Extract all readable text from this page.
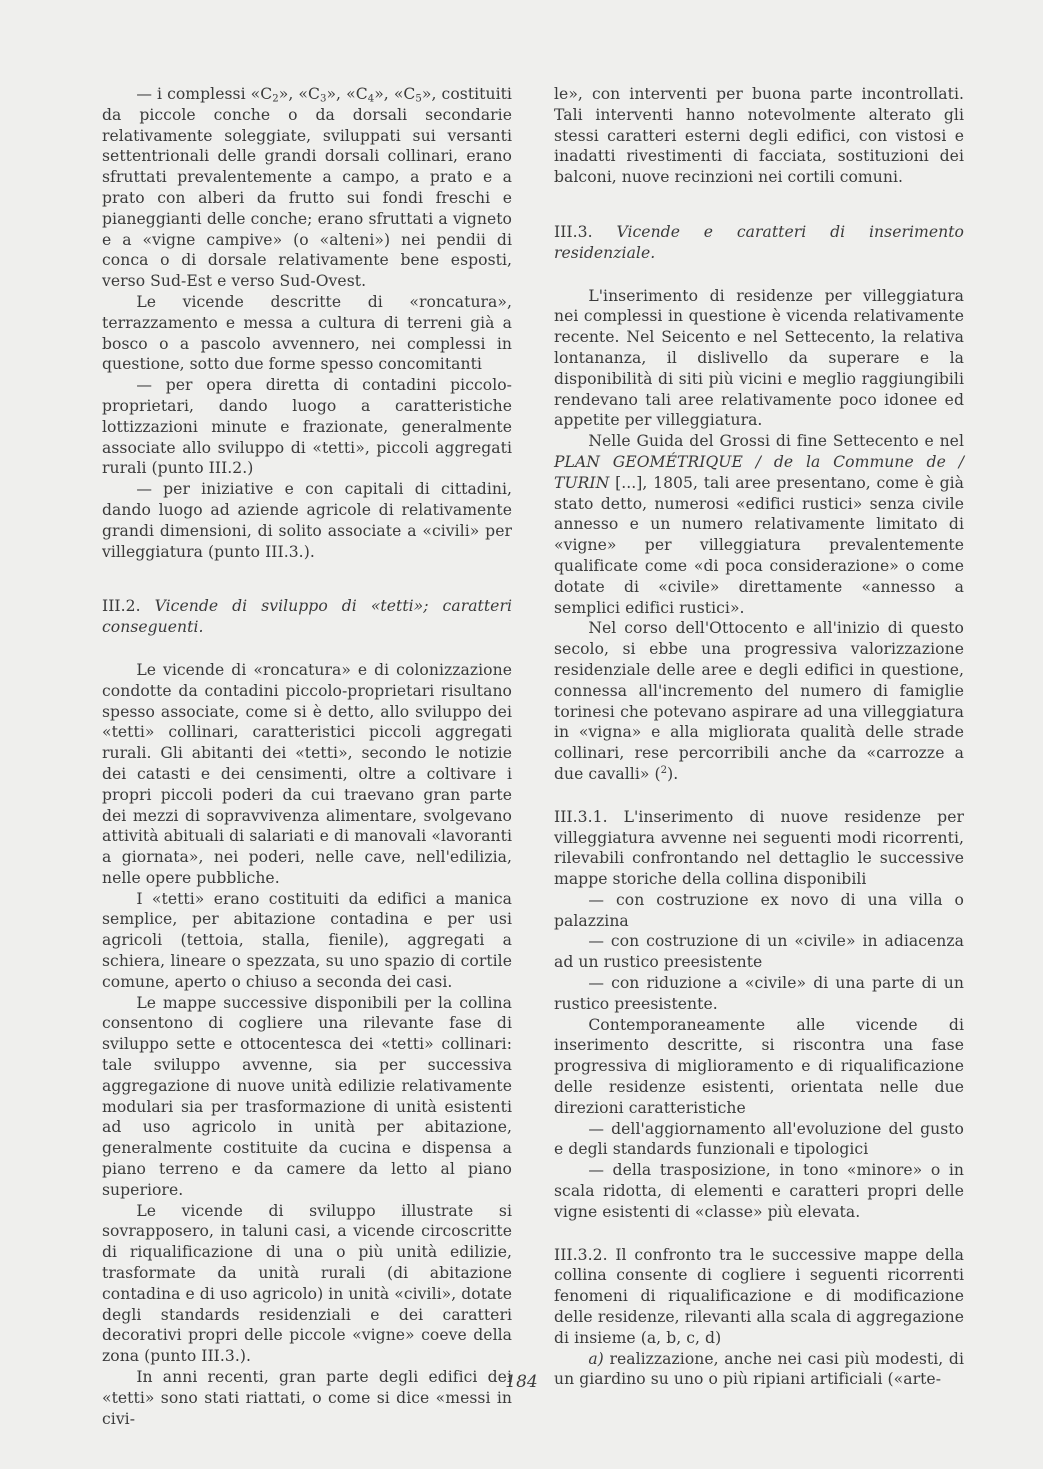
— i complessi «$C_2$», «$C_3$», «$C_4$», «$C_5$», costituiti da piccole conche o da dorsali secondarie relativamente soleggiate, sviluppati sui versanti settentrionali delle grandi dorsali collinari, erano sfruttati prevalentemente a campo, a prato e a prato con alberi da frutto sui fondi freschi e pianeggianti delle conche; erano sfruttati a vigneto e a «vigne campive» (o «alteni») nei pendii di conca o di dorsale relativamente bene esposti, verso Sud-Est e verso Sud-Ovest.

Le vicende descritte di «roncatura», terrazzamento e messa a cultura di terreni già a bosco o a pascolo avvennero, nei complessi in questione, sotto due forme spesso concomitanti

— per opera diretta di contadini piccolo-proprietari, dando luogo a caratteristiche lottizzazioni minute e frazionate, generalmente associate allo sviluppo di «tetti», piccoli aggregati rurali (punto III.2.)

— per iniziative e con capitali di cittadini, dando luogo ad aziende agricole di relativamente grandi dimensioni, di solito associate a «civili» per villeggiatura (punto III.3.).

III.2. Vicende di sviluppo di «tetti»; caratteri conseguenti.

Le vicende di «roncatura» e di colonizzazione condotte da contadini piccolo-proprietari risultano spesso associate, come si è detto, allo sviluppo dei «tetti» collinari, caratteristici piccoli aggregati rurali. Gli abitanti dei «tetti», secondo le notizie dei catasti e dei censimenti, oltre a coltivare i propri piccoli poderi da cui traevano gran parte dei mezzi di sopravvivenza alimentare, svolgevano attività abituali di salariati e di manovali «lavoranti a giornata», nei poderi, nelle cave, nell'edilizia, nelle opere pubbliche.

I «tetti» erano costituiti da edifici a manica semplice, per abitazione contadina e per usi agricoli (tettoia, stalla, fienile), aggregati a schiera, lineare o spezzata, su uno spazio di cortile comune, aperto o chiuso a seconda dei casi.

Le mappe successive disponibili per la collina consentono di cogliere una rilevante fase di sviluppo sette e ottocentesca dei «tetti» collinari: tale sviluppo avvenne, sia per successiva aggregazione di nuove unità edilizie relativamente modulari sia per trasformazione di unità esistenti ad uso agricolo in unità per abitazione, generalmente costituite da cucina e dispensa a piano terreno e da camere da letto al piano superiore.

Le vicende di sviluppo illustrate si sovrapposero, in taluni casi, a vicende circoscritte di riqualificazione di una o più unità edilizie, trasformate da unità rurali (di abitazione contadina e di uso agricolo) in unità «civili», dotate degli standards residenziali e dei caratteri decorativi propri delle piccole «vigne» coeve della zona (punto III.3.).

In anni recenti, gran parte degli edifici dei «tetti» sono stati riattati, o come si dice «messi in civi-

le», con interventi per buona parte incontrollati. Tali interventi hanno notevolmente alterato gli stessi caratteri esterni degli edifici, con vistosi e inadatti rivestimenti di facciata, sostituzioni dei balconi, nuove recinzioni nei cortili comuni.

III.3. Vicende e caratteri di inserimento residenziale.

L'inserimento di residenze per villeggiatura nei complessi in questione è vicenda relativamente recente. Nel Seicento e nel Settecento, la relativa lontananza, il dislivello da superare e la disponibilità di siti più vicini e meglio raggiungibili rendevano tali aree relativamente poco idonee ed appetite per villeggiatura.

Nelle Guida del Grossi di fine Settecento e nel PLAN GEOMÉTRIQUE / de la Commune de / TURIN [...], 1805, tali aree presentano, come è già stato detto, numerosi «edifici rustici» senza civile annesso e un numero relativamente limitato di «vigne» per villeggiatura prevalentemente qualificate come «di poca considerazione» o come dotate di «civile» direttamente «annesso a semplici edifici rustici».

Nel corso dell'Ottocento e all'inizio di questo secolo, si ebbe una progressiva valorizzazione residenziale delle aree e degli edifici in questione, connessa all'incremento del numero di famiglie torinesi che potevano aspirare ad una villeggiatura in «vigna» e alla migliorata qualità delle strade collinari, rese percorribili anche da «carrozze a due cavalli» ($^2$).

III.3.1. L'inserimento di nuove residenze per villeggiatura avvenne nei seguenti modi ricorrenti, rilevabili confrontando nel dettaglio le successive mappe storiche della collina disponibili

— con costruzione ex novo di una villa o palazzina

— con costruzione di un «civile» in adiacenza ad un rustico preesistente

— con riduzione a «civile» di una parte di un rustico preesistente.

Contemporaneamente alle vicende di inserimento descritte, si riscontra una fase progressiva di miglioramento e di riqualificazione delle residenze esistenti, orientata nelle due direzioni caratteristiche

— dell'aggiornamento all'evoluzione del gusto e degli standards funzionali e tipologici

— della trasposizione, in tono «minore» o in scala ridotta, di elementi e caratteri propri delle vigne esistenti di «classe» più elevata.

III.3.2. Il confronto tra le successive mappe della collina consente di cogliere i seguenti ricorrenti fenomeni di riqualificazione e di modificazione delle residenze, rilevanti alla scala di aggregazione di insieme (a, b, c, d)

a) realizzazione, anche nei casi più modesti, di un giardino su uno o più ripiani artificiali («arte-

184
